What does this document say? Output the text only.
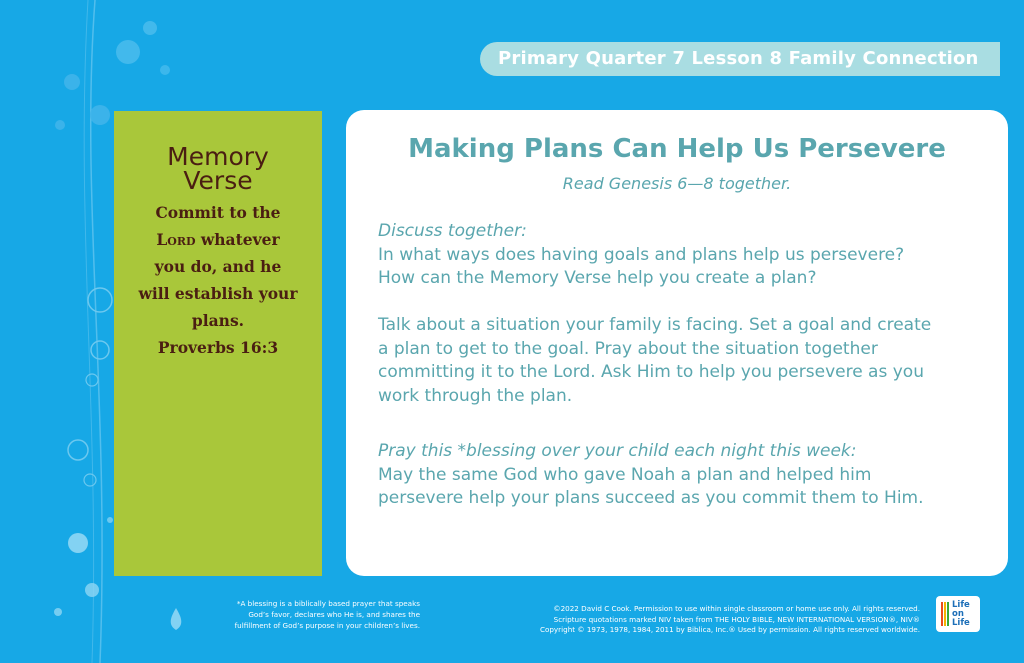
Primary Quarter 7 Lesson 8 Family Connection
Memory
Verse
Commit to the
Lord whatever
you do, and he
will establish your
plans.
Proverbs 16:3
Making Plans Can Help Us Persevere
Read Genesis 6—8 together.
Discuss together:
In what ways does having goals and plans help us persevere?
How can the Memory Verse help you create a plan?
Talk about a situation your family is facing. Set a goal and create
a plan to get to the goal. Pray about the situation together
committing it to the Lord. Ask Him to help you persevere as you
work through the plan.
Pray this *blessing over your child each night this week:
May the same God who gave Noah a plan and helped him
persevere help your plans succeed as you commit them to Him.
*A blessing is a biblically based prayer that speaks
God’s favor, declares who He is, and shares the
fulfillment of God’s purpose in your children’s lives.
©2022 David C Cook. Permission to use within single classroom or home use only. All rights reserved.
Scripture quotations marked NIV taken from THE HOLY BIBLE, NEW INTERNATIONAL VERSION®, NIV®
Copyright © 1973, 1978, 1984, 2011 by Biblica, Inc.® Used by permission. All rights reserved worldwide.
Life
on
Life
